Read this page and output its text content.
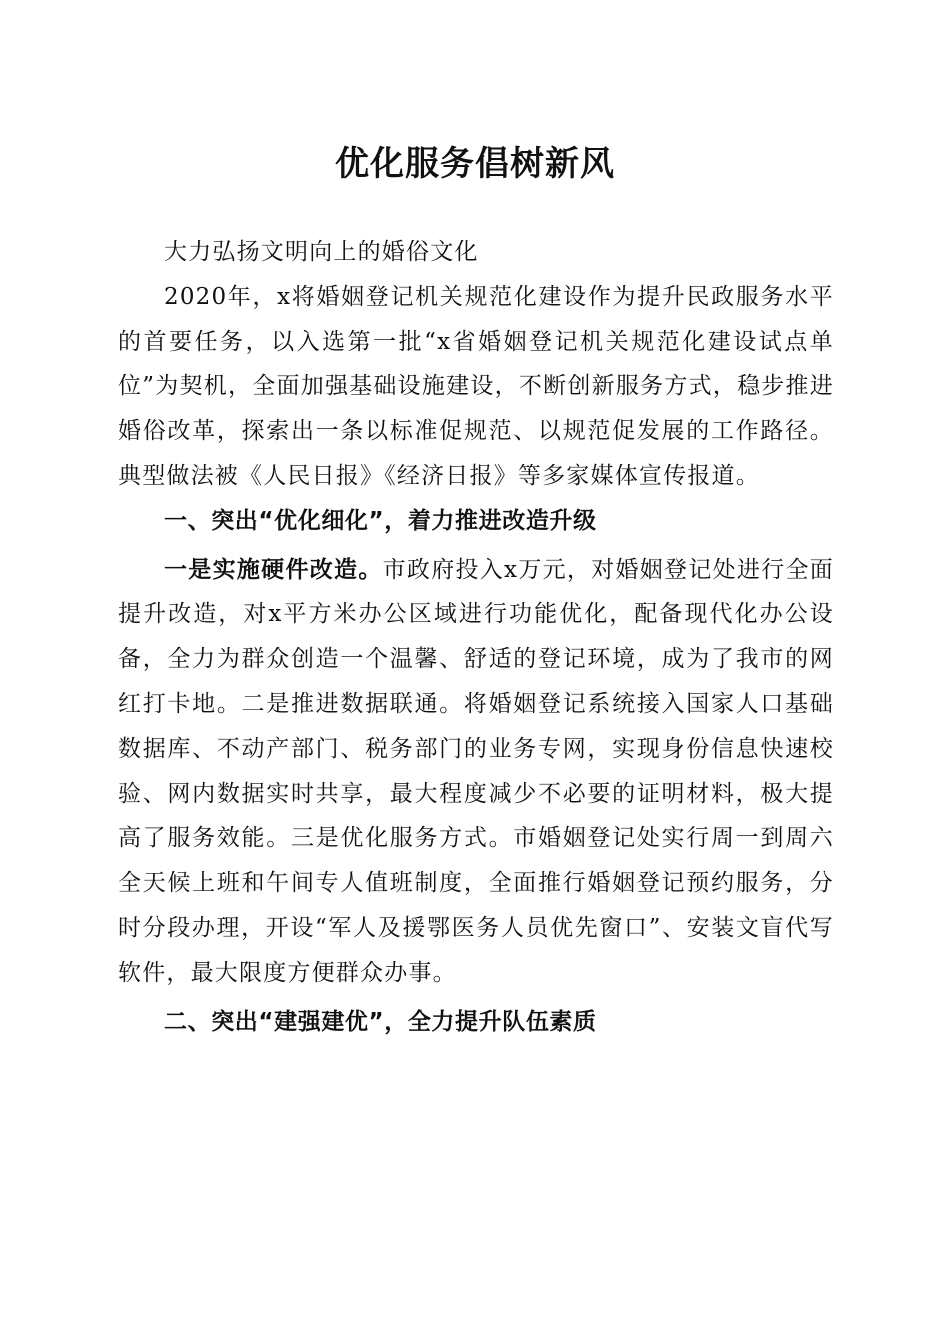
优化服务倡树新风

大力弘扬文明向上的婚俗文化

2020年，x将婚姻登记机关规范化建设作为提升民政服务水平的首要任务，以入选第一批“x省婚姻登记机关规范化建设试点单位”为契机，全面加强基础设施建设，不断创新服务方式，稳步推进婚俗改革，探索出一条以标准促规范、以规范促发展的工作路径。典型做法被《人民日报》《经济日报》等多家媒体宣传报道。

一、突出“优化细化”，着力推进改造升级

一是实施硬件改造。市政府投入x万元，对婚姻登记处进行全面提升改造，对x平方米办公区域进行功能优化，配备现代化办公设备，全力为群众创造一个温馨、舒适的登记环境，成为了我市的网红打卡地。二是推进数据联通。将婚姻登记系统接入国家人口基础数据库、不动产部门、税务部门的业务专网，实现身份信息快速校验、网内数据实时共享，最大程度减少不必要的证明材料，极大提高了服务效能。三是优化服务方式。市婚姻登记处实行周一到周六全天候上班和午间专人值班制度，全面推行婚姻登记预约服务，分时分段办理，开设“军人及援鄂医务人员优先窗口”、安装文盲代写软件，最大限度方便群众办事。

二、突出“建强建优”，全力提升队伍素质
